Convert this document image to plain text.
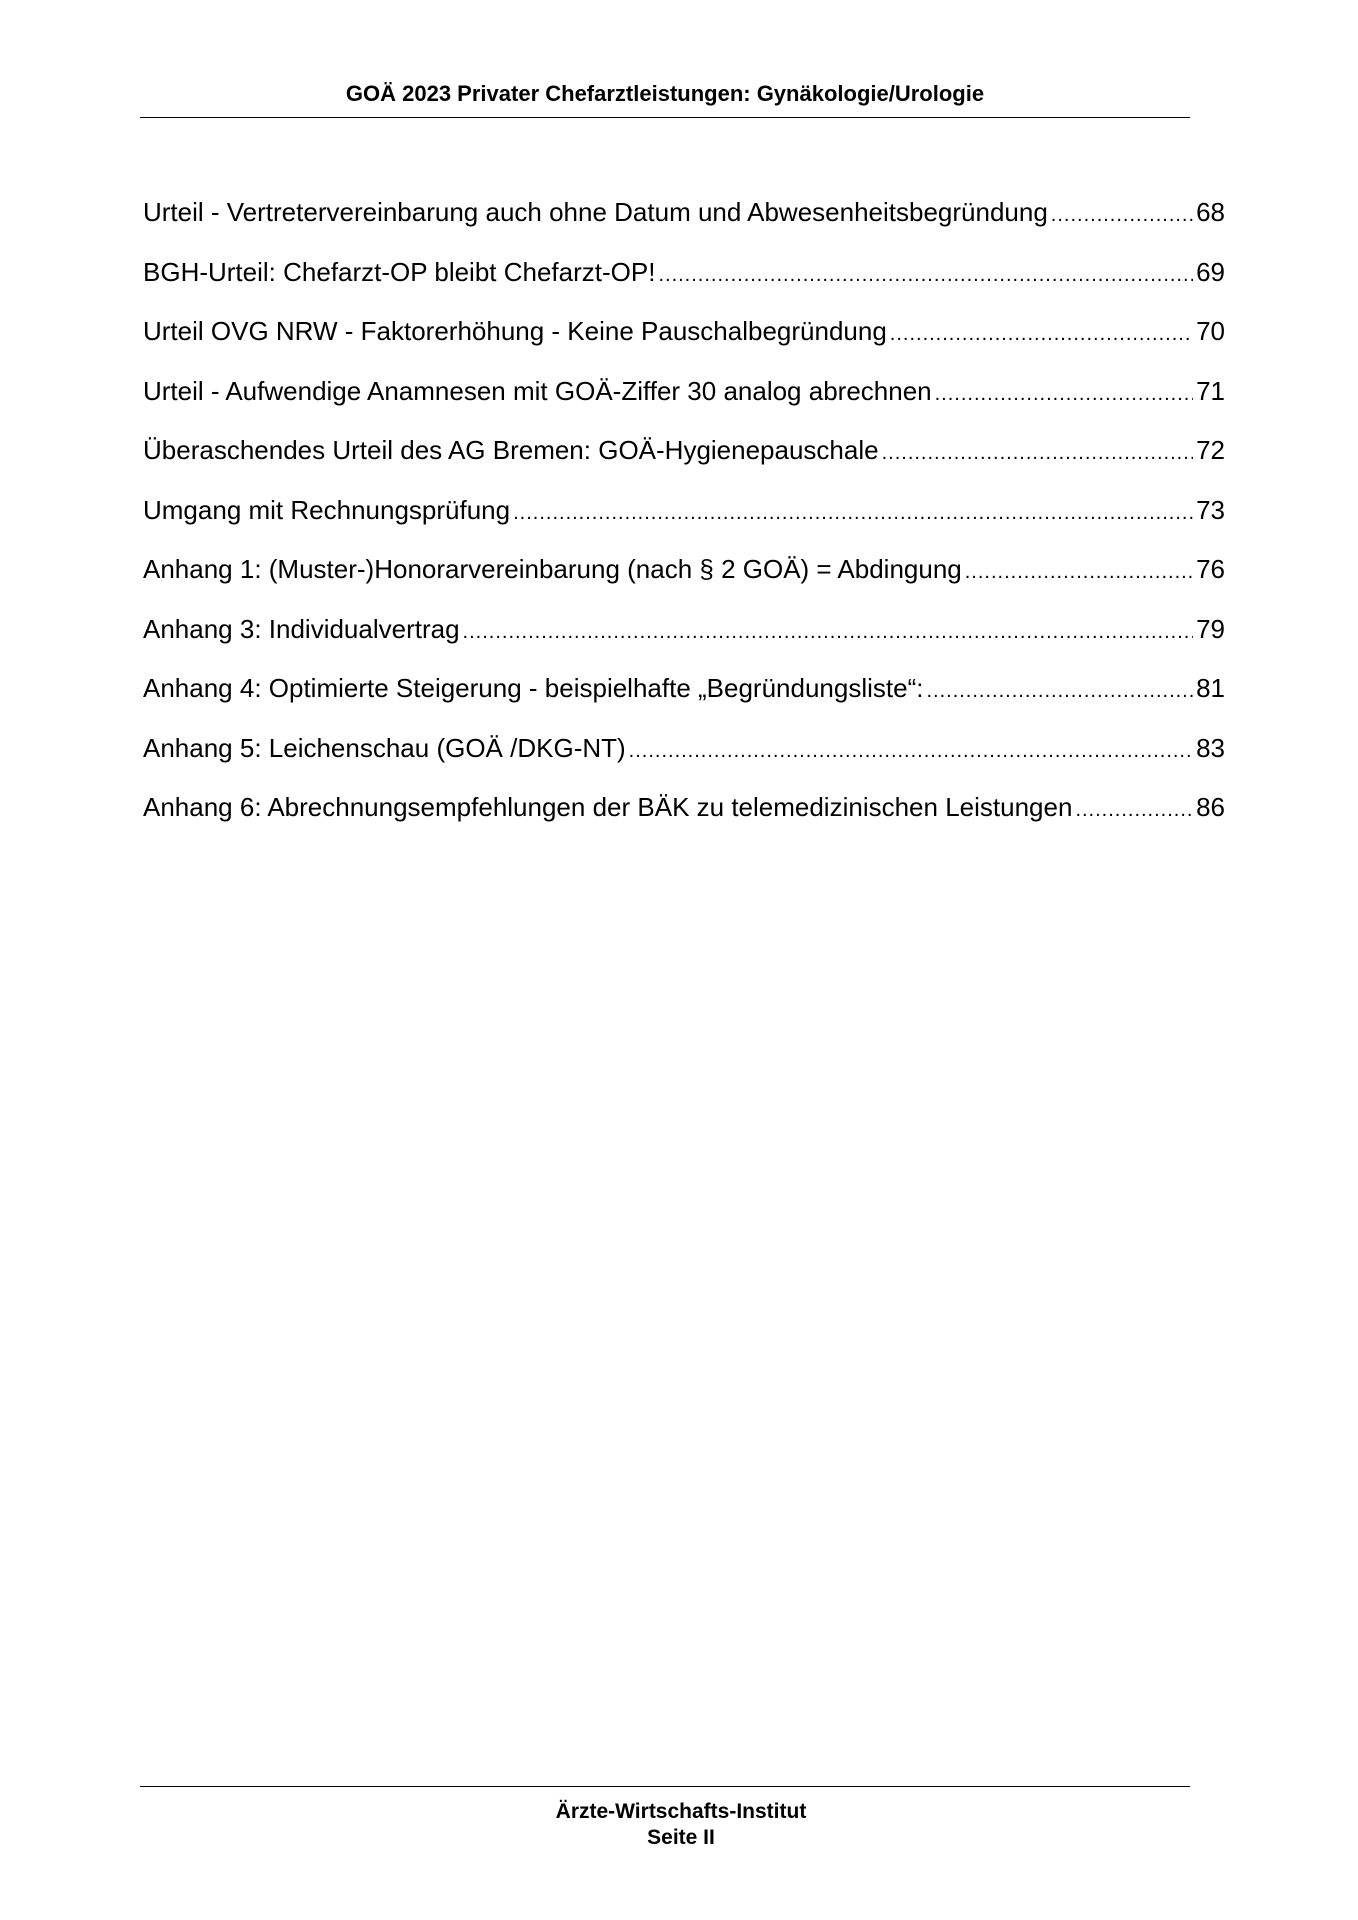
GOÄ 2023 Privater Chefarztleistungen: Gynäkologie/Urologie
Urteil - Vertretervereinbarung auch ohne Datum und Abwesenheitsbegründung .....	68
BGH-Urteil: Chefarzt-OP bleibt Chefarzt-OP! .....	69
Urteil OVG NRW - Faktorerhöhung - Keine Pauschalbegründung .....	70
Urteil - Aufwendige Anamnesen mit GOÄ-Ziffer 30 analog abrechnen .....	71
Überaschendes Urteil des AG Bremen: GOÄ-Hygienepauschale .....	72
Umgang mit Rechnungsprüfung .....	73
Anhang 1: (Muster-)Honorarvereinbarung (nach § 2 GOÄ) = Abdingung .....	76
Anhang 3: Individualvertrag .....	79
Anhang 4: Optimierte Steigerung - beispielhafte „Begründungsliste“: .....	81
Anhang 5: Leichenschau (GOÄ /DKG-NT) .....	83
Anhang 6: Abrechnungsempfehlungen der BÄK zu telemedizinischen Leistungen .....	86
Ärzte-Wirtschafts-Institut
Seite II
